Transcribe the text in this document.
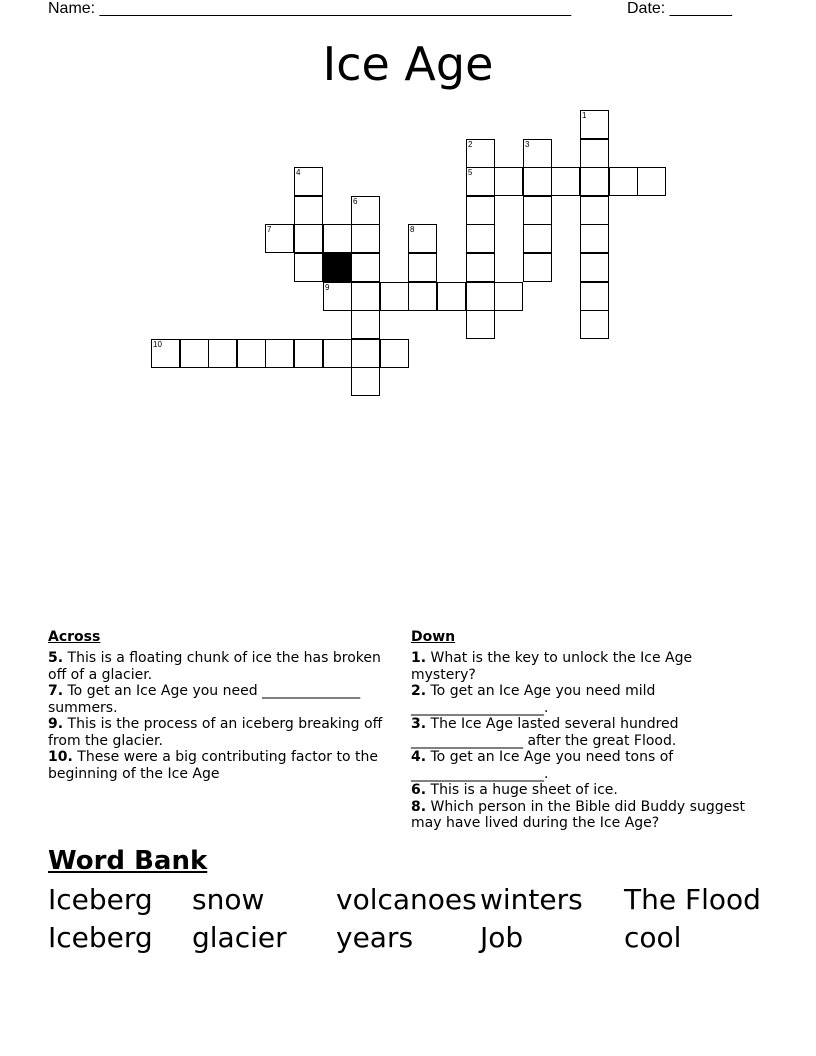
Name: _____________________________________________________	Date: _______
Ice Age
1
2	3
4	5
6
7	8
9
10
Across
5. This is a floating chunk of ice the has broken off of a glacier.
7. To get an Ice Age you need ______________ summers.
9. This is the process of an iceberg breaking off from the glacier.
10. These were a big contributing factor to the beginning of the Ice Age
Down
1. What is the key to unlock the Ice Age mystery?
2. To get an Ice Age you need mild ___________________.
3. The Ice Age lasted several hundred ________________ after the great Flood.
4. To get an Ice Age you need tons of ___________________.
6. This is a huge sheet of ice.
8. Which person in the Bible did Buddy suggest may have lived during the Ice Age?
Word Bank
Iceberg snow	volcanoes winters The Flood
Iceberg glacier years Job	cool
